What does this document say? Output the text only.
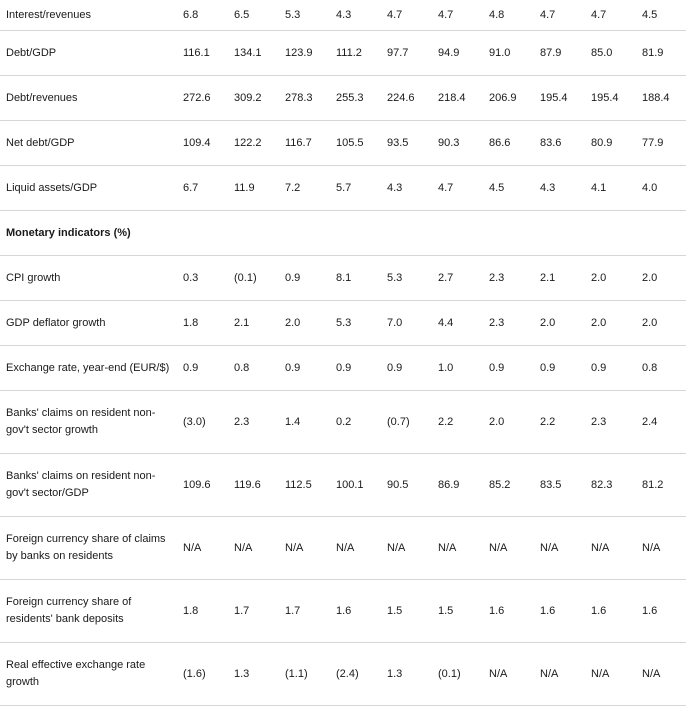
Interest/revenues	6.8	6.5	5.3	4.3	4.7	4.7	4.8	4.7	4.7	4.5
Debt/GDP	116.1	134.1	123.9	111.2	97.7	94.9	91.0	87.9	85.0	81.9
Debt/revenues	272.6	309.2	278.3	255.3	224.6	218.4	206.9	195.4	195.4	188.4
Net debt/GDP	109.4	122.2	116.7	105.5	93.5	90.3	86.6	83.6	80.9	77.9
Liquid assets/GDP	6.7	11.9	7.2	5.7	4.3	4.7	4.5	4.3	4.1	4.0
Monetary indicators (%)										
CPI growth	0.3	(0.1)	0.9	8.1	5.3	2.7	2.3	2.1	2.0	2.0
GDP deflator growth	1.8	2.1	2.0	5.3	7.0	4.4	2.3	2.0	2.0	2.0
Exchange rate, year-end (EUR/$)	0.9	0.8	0.9	0.9	0.9	1.0	0.9	0.9	0.9	0.8
Banks' claims on resident non-gov't sector growth	(3.0)	2.3	1.4	0.2	(0.7)	2.2	2.0	2.2	2.3	2.4
Banks' claims on resident non-gov't sector/GDP	109.6	119.6	112.5	100.1	90.5	86.9	85.2	83.5	82.3	81.2
Foreign currency share of claims by banks on residents	N/A	N/A	N/A	N/A	N/A	N/A	N/A	N/A	N/A	N/A
Foreign currency share of residents' bank deposits	1.8	1.7	1.7	1.6	1.5	1.5	1.6	1.6	1.6	1.6
Real effective exchange rate growth	(1.6)	1.3	(1.1)	(2.4)	1.3	(0.1)	N/A	N/A	N/A	N/A
